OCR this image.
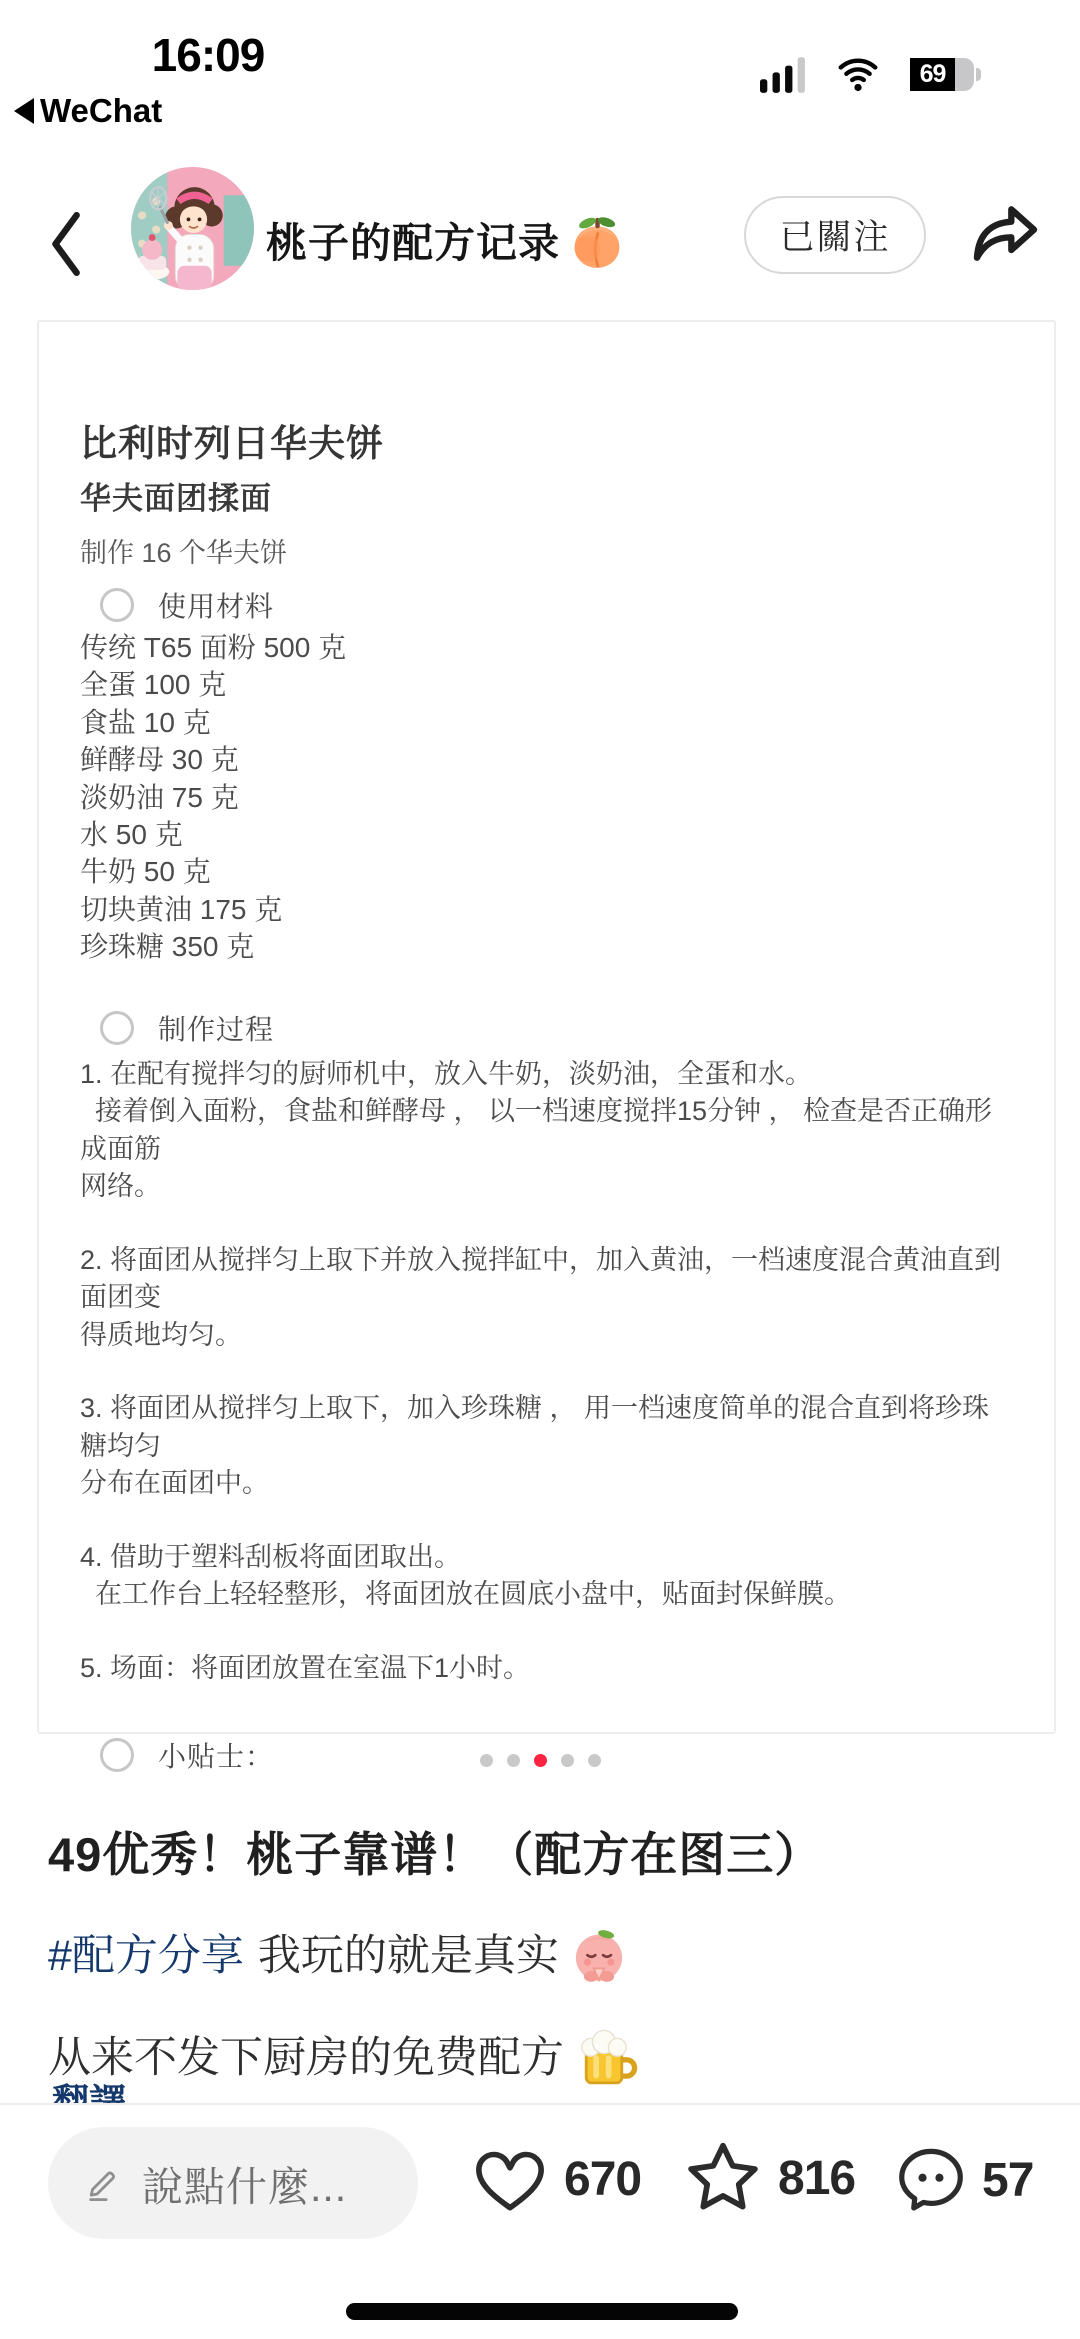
16:09
WeChat
69
桃子的配方记录	已關注
比利时列日华夫饼
华夫面团揉面
制作 16 个华夫饼
使用材料
传统 T65 面粉 500 克
全蛋 100 克
食盐 10 克
鲜酵母 30 克
淡奶油 75 克
水 50 克
牛奶 50 克
切块黄油 175 克
珍珠糖 350 克
制作过程
1. 在配有搅拌匀的厨师机中，放入牛奶，淡奶油，全蛋和水。
接着倒入面粉，食盐和鲜酵母 ， 以一档速度搅拌15分钟 ， 检查是否正确形成面筋
网络。
2. 将面团从搅拌匀上取下并放入搅拌缸中，加入黄油，一档速度混合黄油直到面团变
得质地均匀。
3. 将面团从搅拌匀上取下，加入珍珠糖 ， 用一档速度简单的混合直到将珍珠糖均匀
分布在面团中。
4. 借助于塑料刮板将面团取出。
在工作台上轻轻整形，将面团放在圆底小盘中，贴面封保鲜膜。
5. 场面：将面团放置在室温下1小时。
小贴士：
49优秀！桃子靠谱！（配方在图三）
#配方分享 我玩的就是真实
从来不发下厨房的免费配方
說點什麼...	670	816	57
